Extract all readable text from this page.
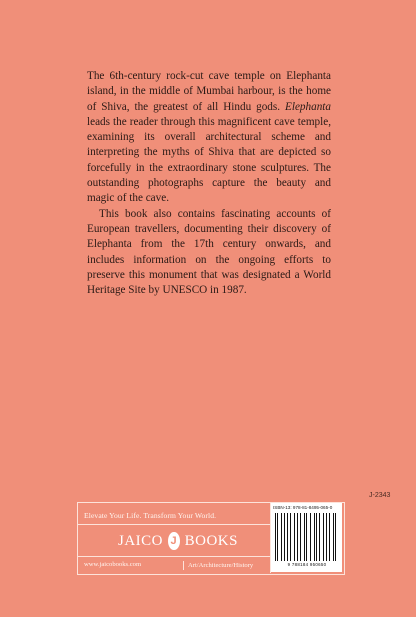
The 6th-century rock-cut cave temple on Elephanta island, in the middle of Mumbai harbour, is the home of Shiva, the greatest of all Hindu gods. Elephanta leads the reader through this magnificent cave temple, examining its overall architectural scheme and interpreting the myths of Shiva that are depicted so forcefully in the extraordinary stone sculptures. The outstanding photographs capture the beauty and magic of the cave.

This book also contains fascinating accounts of European travellers, documenting their discovery of Elephanta from the 17th century onwards, and includes information on the ongoing efforts to preserve this monument that was designated a World Heritage Site by UNESCO in 1987.

J-2343
Elevate Your Life. Transform Your World.
JAICO J BOOKS
www.jaicobooks.com	Art/Architecture/History
ISBN-13: 978-81-8495-065-0
9 788184 950650
